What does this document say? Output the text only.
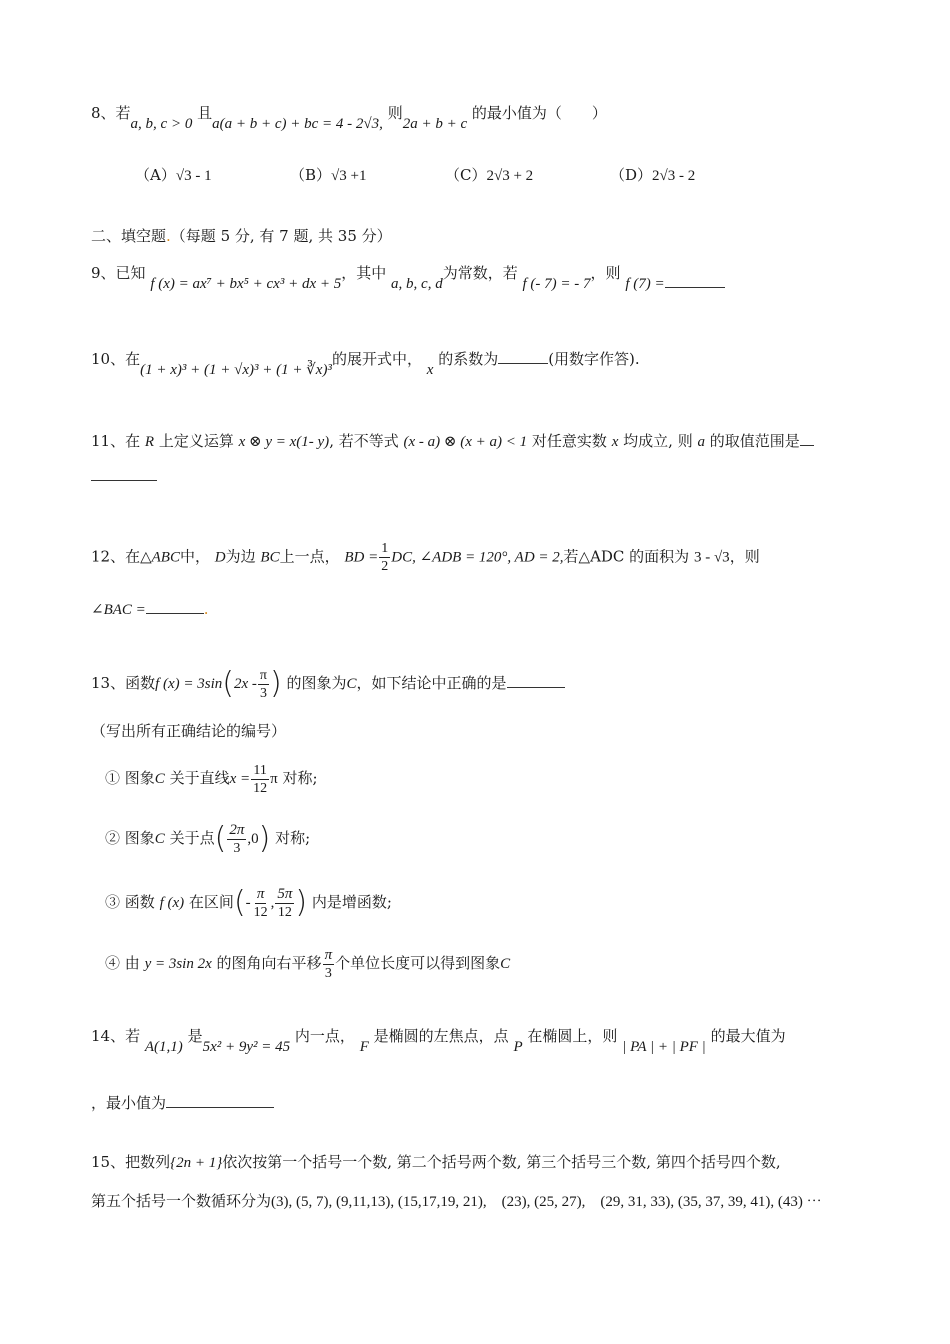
8、若a, b, c > 0 且a(a + b + c) + bc = 4 - 2√3, 则2a + b + c 的最小值为（　　）
（A）√3 - 1	（B）√3 +1	（C）2√3 + 2	（D）2√3 - 2
二、填空题.（每题 5 分, 有 7 题, 共 35 分）
9、已知 f (x) = ax⁷ + bx⁵ + cx³ + dx + 5，其中 a, b, c, d为常数，若 f (- 7) = - 7，则 f (7) =
10、在(1 + x)³ + (1 + √x)³ + (1 + ∛x)³的展开式中， x 的系数为	(用数字作答).
11、在 R 上定义运算 x ⊗ y = x(1- y), 若不等式 (x - a) ⊗ (x + a) < 1 对任意实数 x 均成立, 则 a 的取值范围是
12、在△ABC中， D为边 BC上一点， BD = $\frac{1}{2}$ DC, ∠ADB = 120°, AD = 2,若△ADC 的面积为 3 - √3，则
∠BAC =	.
13、函数f $(x) = 3\sin(2x - \frac{\pi}{3}$ ) 的图象为C，如下结论中正确的是
（写出所有正确结论的编号）
① 图象C 关于直线$x = \frac{11}{12}$ π 对称;
② 图象C 关于点( $\frac{2\pi}{3} ,0$) 对称;
③ 函数 f (x) 在区间(- $\frac{\pi}{12}$ , $\frac{5\pi}{12}$ ) 内是增函数;
④ 由 y = 3sin 2x 的图角向右平移 $\frac{\pi}{3}$ 个单位长度可以得到图象C
14、若 A(1,1) 是5x² + 9y² = 45 内一点， F 是椭圆的左焦点，点 P 在椭圆上，则 | PA | + | PF | 的最大值为
，最小值为
15、把数列{2n + 1}依次按第一个括号一个数, 第二个括号两个数, 第三个括号三个数, 第四个括号四个数,
第五个括号一个数循环分为(3), (5, 7), (9,11,13), (15,17,19, 21),　(23), (25, 27),　(29, 31, 33), (35, 37, 39, 41), (43) ⋯
